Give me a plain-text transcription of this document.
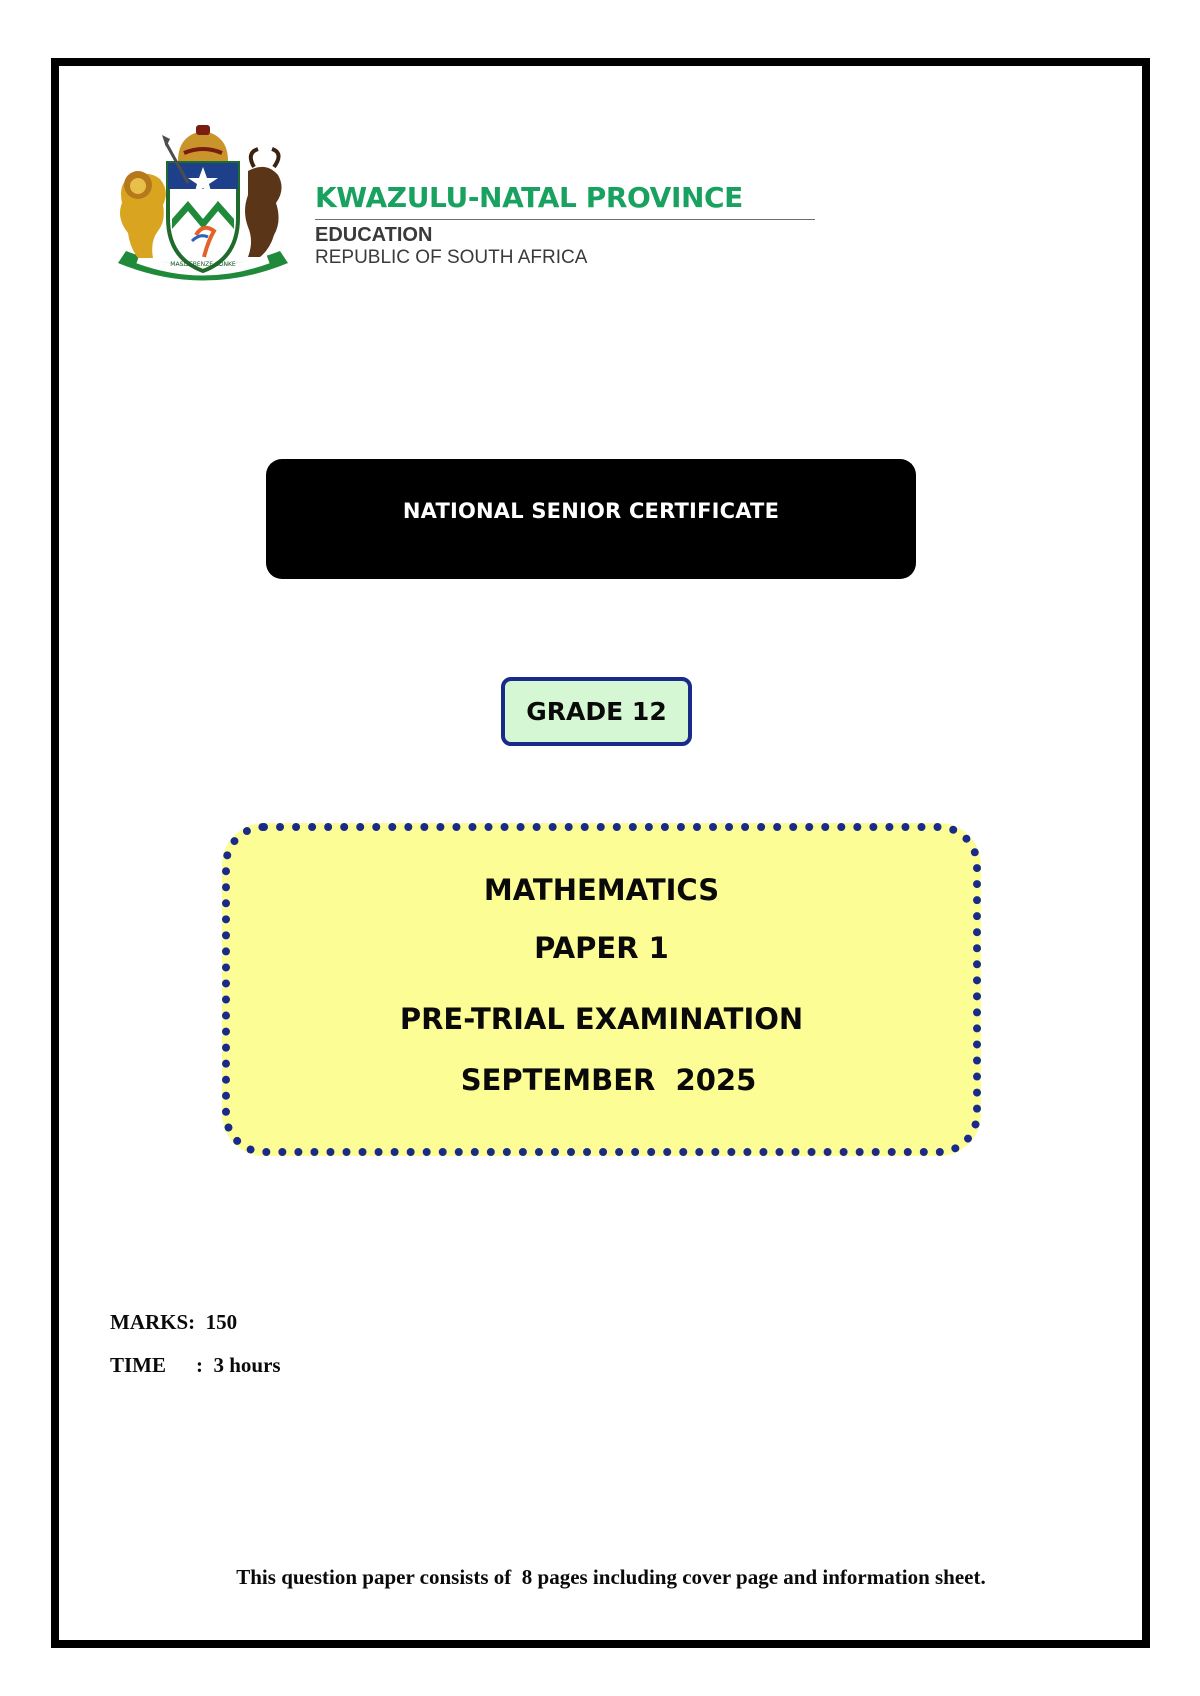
MASISEBENZE SONKE
KWAZULU-NATAL PROVINCE
EDUCATION
REPUBLIC OF SOUTH AFRICA
NATIONAL SENIOR CERTIFICATE
GRADE 12
MATHEMATICS
PAPER 1
PRE-TRIAL EXAMINATION
SEPTEMBER  2025
MARKS: 150
TIME : 3 hours
This question paper consists of  8 pages including cover page and information sheet.
